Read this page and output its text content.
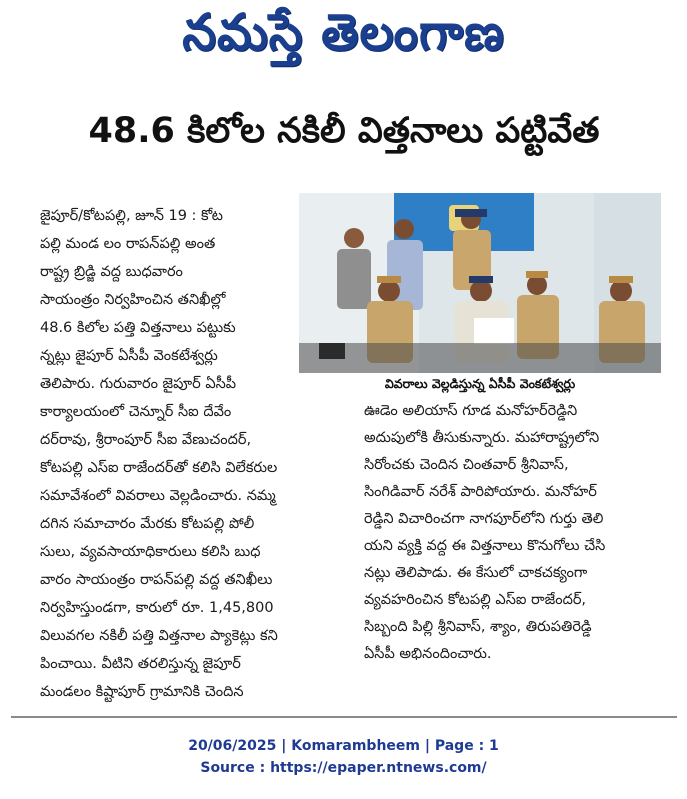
నమస్తే తెలంగాణ
48.6 కిలోల నకిలీ విత్తనాలు పట్టివేత
జైపూర్/కోటపల్లి, జూన్ 19 : కోట
పల్లి మండ లం రాపన్‌పల్లి అంత
రాష్ట్ర బ్రిడ్జి వద్ద బుధవారం
సాయంత్రం నిర్వహించిన తనిఖీల్లో
48.6 కిలోల పత్తి విత్తనాలు పట్టుకు
న్నట్లు జైపూర్ ఏసీపీ వెంకటేశ్వర్లు
తెలిపారు. గురువారం జైపూర్ ఏసీపీ
కార్యాలయంలో చెన్నూర్ సీఐ దేవేం
దర్‌రావు, శ్రీరాంపూర్ సీఐ వేణుచందర్,
కోటపల్లి ఎస్‌ఐ రాజేందర్‌తో కలిసి విలేకరుల
సమావేశంలో వివరాలు వెల్లడించారు. నమ్మ
దగిన సమాచారం మేరకు కోటపల్లి పోలీ
సులు, వ్యవసాయాధికారులు కలిసి బుధ
వారం సాయంత్రం రాపన్‌పల్లి వద్ద తనిఖీలు
నిర్వహిస్తుండగా, కారులో రూ. 1,45,800
విలువగల నకిలీ పత్తి విత్తనాల ప్యాకెట్లు కని
పించాయి. వీటిని తరలిస్తున్న జైపూర్
మండలం కిష్టాపూర్ గ్రామానికి చెందిన
వివరాలు వెల్లడిస్తున్న ఏసీపీ వెంకటేశ్వర్లు
ఊడెం అలియాస్ గూడ మనోహర్‌రెడ్డిని
అదుపులోకి తీసుకున్నారు. మహారాష్ట్రలోని
సిరోంచకు చెందిన చింతవార్ శ్రీనివాస్,
సింగిడివార్ నరేశ్ పారిపోయారు. మనోహర్
రెడ్డిని విచారించగా నాగపూర్‌లోని గుర్తు తెలి
యని వ్యక్తి వద్ద ఈ విత్తనాలు కొనుగోలు చేసి
నట్లు తెలిపాడు. ఈ కేసులో చాకచక్యంగా
వ్యవహరించిన కోటపల్లి ఎస్‌ఐ రాజేందర్,
సిబ్బంది పిల్లి శ్రీనివాస్, శ్యాం, తిరుపతిరెడ్డి
ఏసీపీ అభినందించారు.
20/06/2025 | Komarambheem | Page : 1
Source : https://epaper.ntnews.com/
